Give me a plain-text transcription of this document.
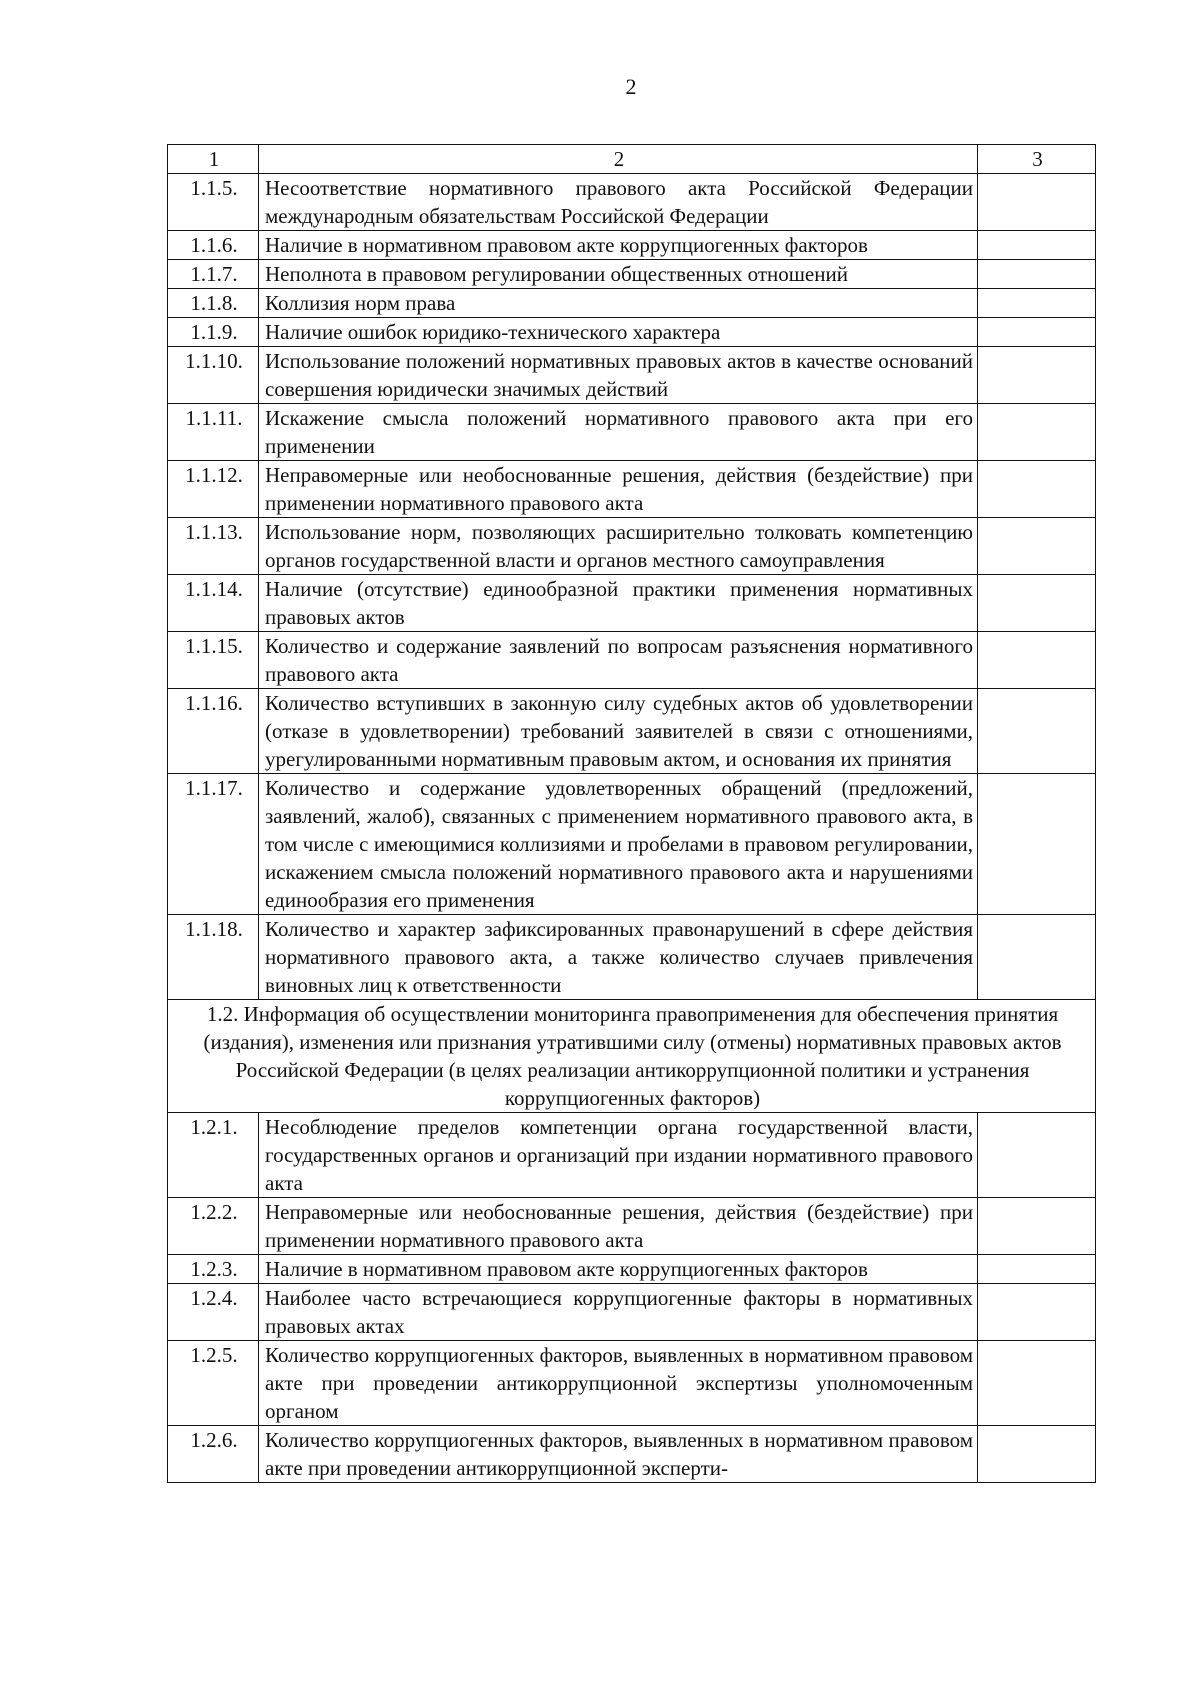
2
1	2	3
1.1.5.	Несоответствие нормативного правового акта Российской Федерации международным обязательствам Российской Федерации	
1.1.6.	Наличие в нормативном правовом акте коррупциогенных факторов	
1.1.7.	Неполнота в правовом регулировании общественных отношений	
1.1.8.	Коллизия норм права	
1.1.9.	Наличие ошибок юридико-технического характера	
1.1.10.	Использование положений нормативных правовых актов в качестве оснований совершения юридически значимых действий	
1.1.11.	Искажение смысла положений нормативного правового акта при его применении	
1.1.12.	Неправомерные или необоснованные решения, действия (бездействие) при применении нормативного правового акта	
1.1.13.	Использование норм, позволяющих расширительно толковать компетенцию органов государственной власти и органов местного самоуправления	
1.1.14.	Наличие (отсутствие) единообразной практики применения нормативных правовых актов	
1.1.15.	Количество и содержание заявлений по вопросам разъяснения нормативного правового акта	
1.1.16.	Количество вступивших в законную силу судебных актов об удовлетворении (отказе в удовлетворении) требований заявителей в связи с отношениями, урегулированными нормативным правовым актом, и основания их принятия	
1.1.17.	Количество и содержание удовлетворенных обращений (предложений, заявлений, жалоб), связанных с применением нормативного правового акта, в том числе с имеющимися коллизиями и пробелами в правовом регулировании, искажением смысла положений нормативного правового акта и нарушениями единообразия его применения	
1.1.18.	Количество и характер зафиксированных правонарушений в сфере действия нормативного правового акта, а также количество случаев привлечения виновных лиц к ответственности	
1.2. Информация об осуществлении мониторинга правоприменения для обеспечения принятия (издания), изменения или признания утратившими силу (отмены) нормативных правовых актов Российской Федерации (в целях реализации антикоррупционной политики и устранения коррупциогенных факторов)		
1.2.1.	Несоблюдение пределов компетенции органа государственной власти, государственных органов и организаций при издании нормативного правового акта	
1.2.2.	Неправомерные или необоснованные решения, действия (бездействие) при применении нормативного правового акта	
1.2.3.	Наличие в нормативном правовом акте коррупциогенных факторов	
1.2.4.	Наиболее часто встречающиеся коррупциогенные факторы в нормативных правовых актах	
1.2.5.	Количество коррупциогенных факторов, выявленных в нормативном правовом акте при проведении антикоррупционной экспертизы уполномоченным органом	
1.2.6.	Количество коррупциогенных факторов, выявленных в нормативном правовом акте при проведении антикоррупционной эксперти-	
